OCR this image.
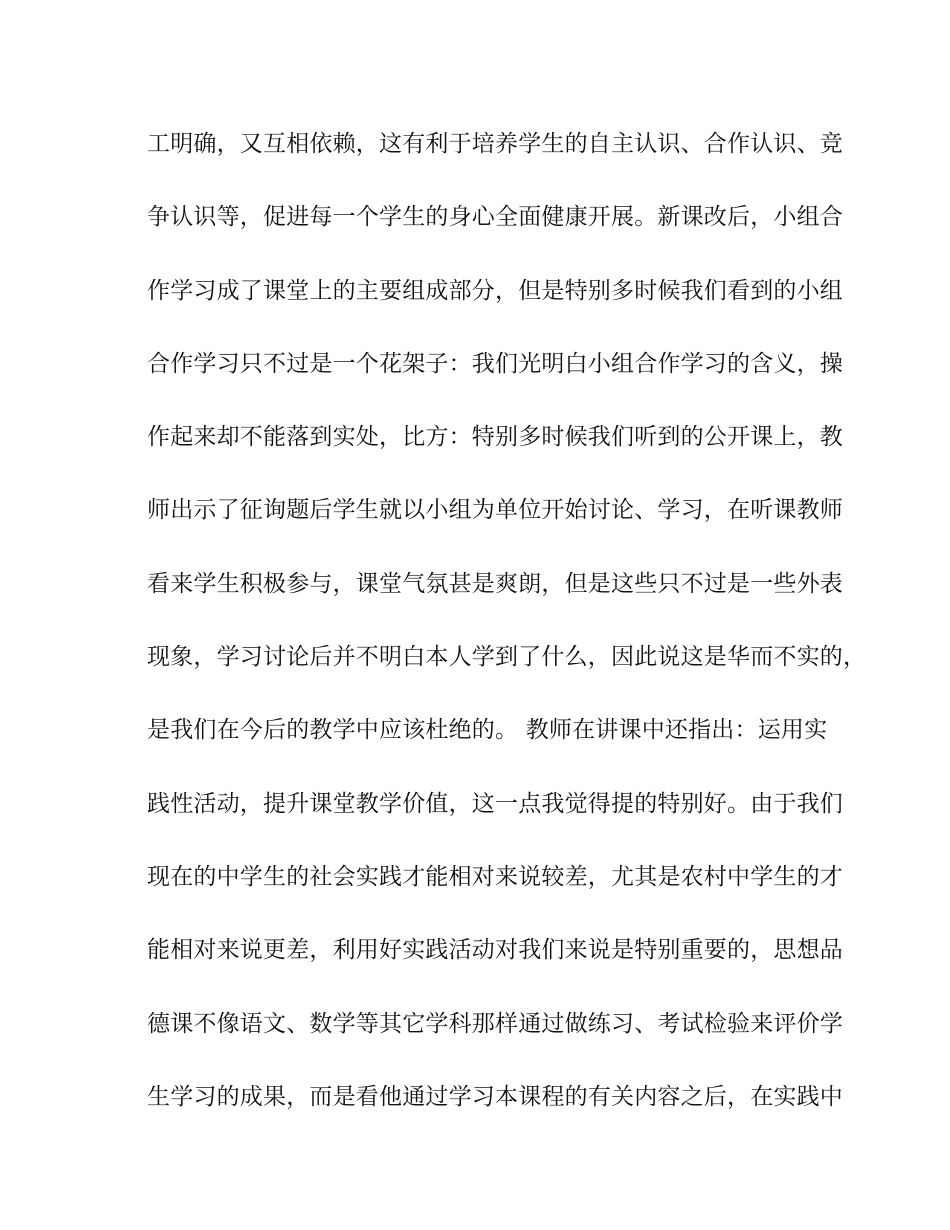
工明确，又互相依赖，这有利于培养学生的自主认识、合作认识、竞
争认识等，促进每一个学生的身心全面健康开展。新课改后，小组合
作学习成了课堂上的主要组成部分，但是特别多时候我们看到的小组
合作学习只不过是一个花架子：我们光明白小组合作学习的含义，操
作起来却不能落到实处，比方：特别多时候我们听到的公开课上，教
师出示了征询题后学生就以小组为单位开始讨论、学习，在听课教师
看来学生积极参与，课堂气氛甚是爽朗，但是这些只不过是一些外表
现象，学习讨论后并不明白本人学到了什么，因此说这是华而不实的，
是我们在今后的教学中应该杜绝的。 教师在讲课中还指出：运用实
践性活动，提升课堂教学价值，这一点我觉得提的特别好。由于我们
现在的中学生的社会实践才能相对来说较差，尤其是农村中学生的才
能相对来说更差，利用好实践活动对我们来说是特别重要的，思想品
德课不像语文、数学等其它学科那样通过做练习、考试检验来评价学
生学习的成果，而是看他通过学习本课程的有关内容之后，在实践中
